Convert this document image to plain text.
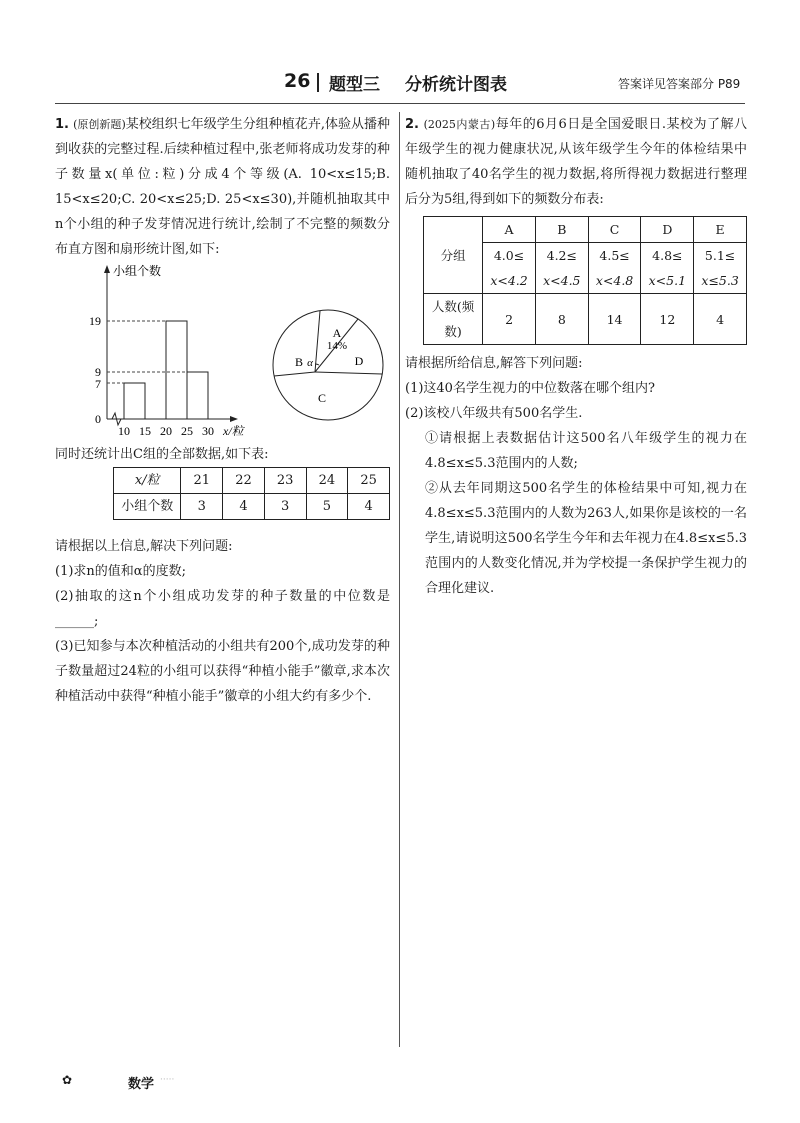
26 题型三 分析统计图表	答案详见答案部分 P89

1. (原创新题)某校组织七年级学生分组种植花卉,体验从播种到收获的完整过程.后续种植过程中,张老师将成功发芽的种子数量x(单位:粒)分成4个等级(A. 10<x≤15;B. 15<x≤20;C. 20<x≤25;D. 25<x≤30),并随机抽取其中n个小组的种子发芽情况进行统计,绘制了不完整的频数分布直方图和扇形统计图,如下:

19
9
7
0
小组个数
10 15 20 25 30 x/粒
A
14%
B α
C
D

同时还统计出C组的全部数据,如下表:

x/粒	21	22	23	24	25
小组个数	3	4	3	5	4

请根据以上信息,解决下列问题:

(1)求n的值和α的度数;

(2)抽取的这n个小组成功发芽的种子数量的中位数是______;

(3)已知参与本次种植活动的小组共有200个,成功发芽的种子数量超过24粒的小组可以获得“种植小能手”徽章,求本次种植活动中获得“种植小能手”徽章的小组大约有多少个.

2. (2025内蒙古)每年的6月6日是全国爱眼日.某校为了解八年级学生的视力健康状况,从该年级学生今年的体检结果中随机抽取了40名学生的视力数据,将所得视力数据进行整理后分为5组,得到如下的频数分布表:

分组	A	B	C	D	E
	4.0≤	4.2≤	4.5≤	4.8≤	5.1≤
	x<4.2	x<4.5	x<4.8	x<5.1	x≤5.3
人数(频数)	2	8	14	12	4

请根据所给信息,解答下列问题:

(1)这40名学生视力的中位数落在哪个组内?

(2)该校八年级共有500名学生.

①请根据上表数据估计这500名八年级学生的视力在4.8≤x≤5.3范围内的人数;

②从去年同期这500名学生的体检结果中可知,视力在4.8≤x≤5.3范围内的人数为263人,如果你是该校的一名学生,请说明这500名学生今年和去年视力在4.8≤x≤5.3范围内的人数变化情况,并为学校提一条保护学生视力的合理化建议.

✿	数学 ·····
